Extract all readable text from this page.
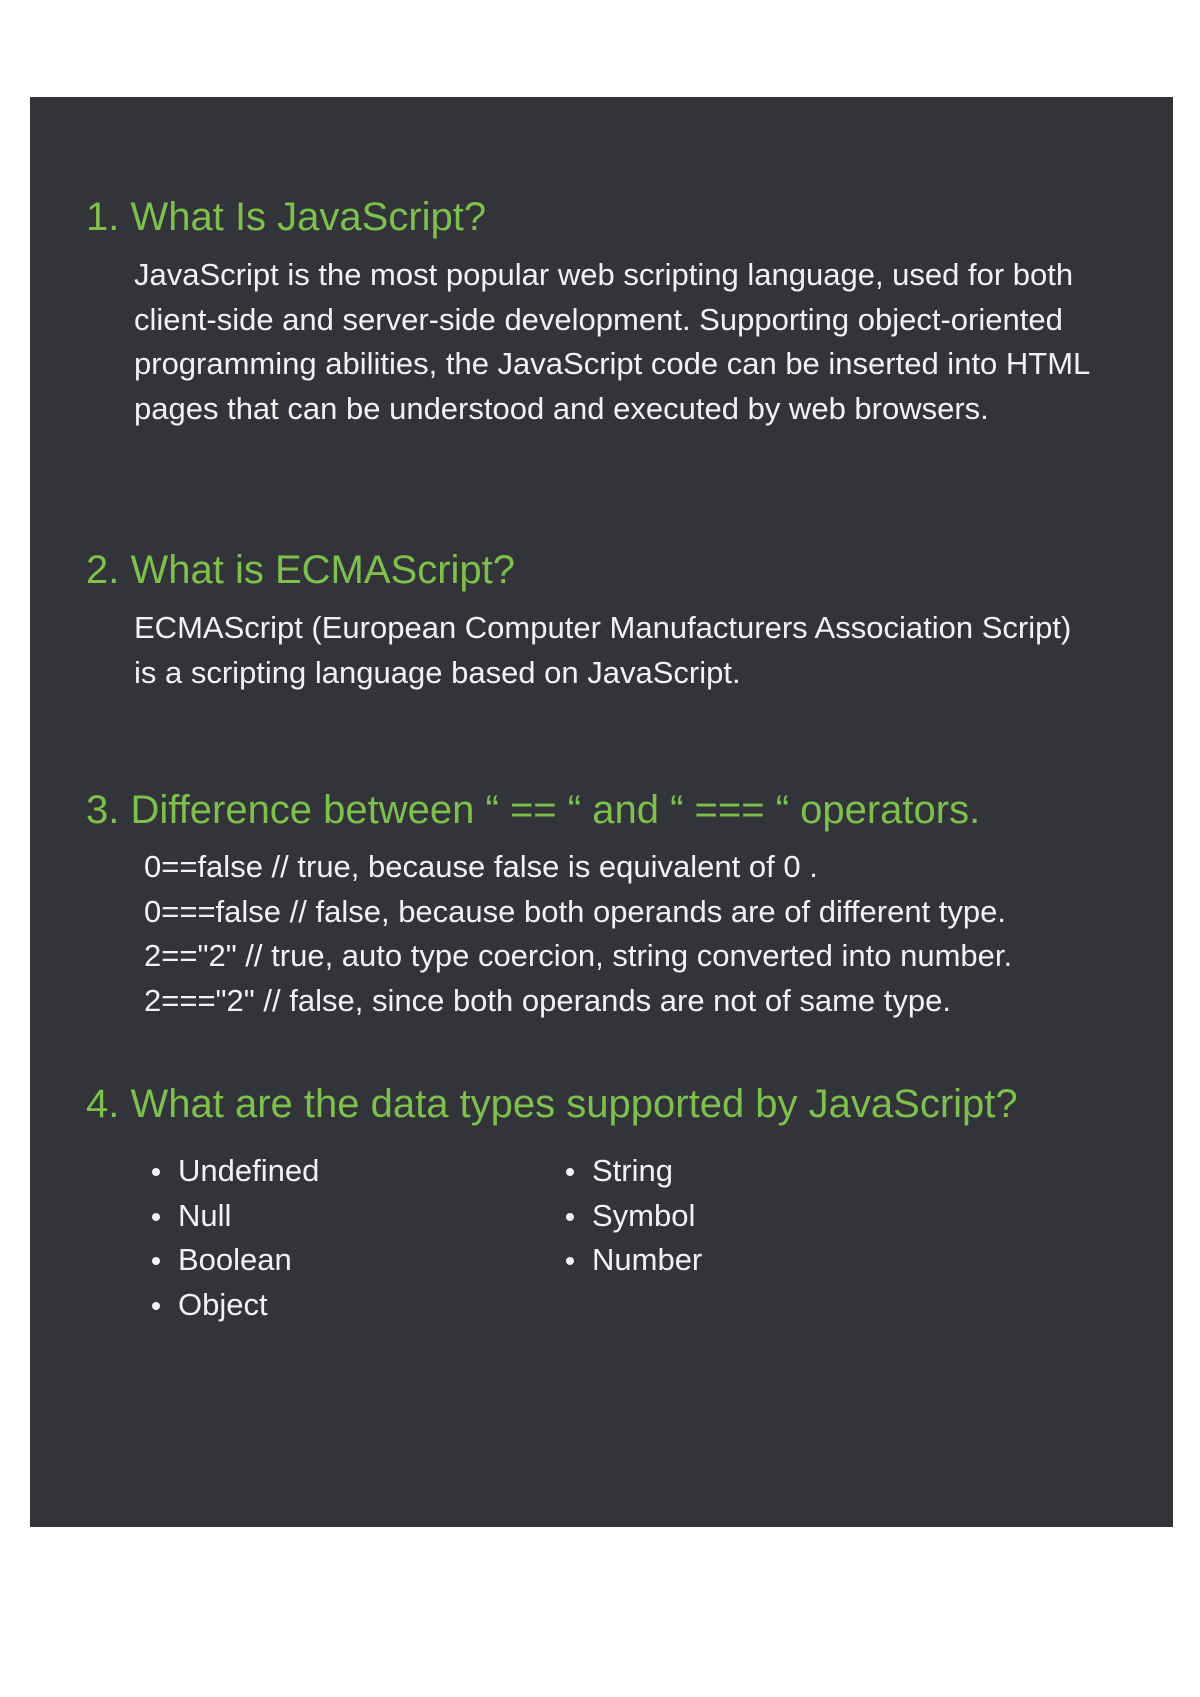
1. What Is JavaScript?

JavaScript is the most popular web scripting language, used for both client-side and server-side development. Supporting object-oriented programming abilities, the JavaScript code can be inserted into HTML pages that can be understood and executed by web browsers.

2. What is ECMAScript?

ECMAScript (European Computer Manufacturers Association Script) is a scripting language based on JavaScript.

3. Difference between “ == “ and “ === “ operators.
0==false // true, because false is equivalent of 0 .
0===false // false, because both operands are of different type.
2=="2" // true, auto type coercion, string converted into number.
2==="2" // false, since both operands are not of same type.
4. What are the data types supported by JavaScript?
Undefined
Null
Boolean
Object
String
Symbol
Number
